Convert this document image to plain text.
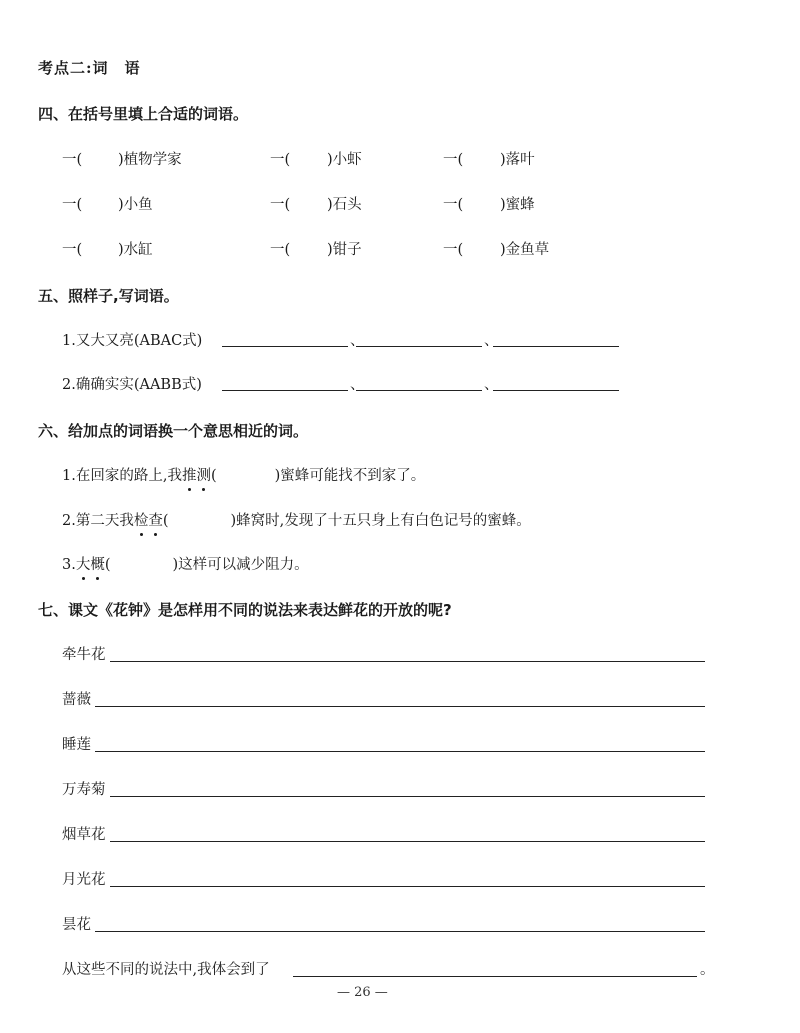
考点二:词　语
四、在括号里填上合适的词语。
一( )植物学家	一(	)小虾	一(	)落叶
一( )小鱼	一(	)石头	一(	)蜜蜂
一( )水缸	一(	)钳子	一(	)金鱼草
五、照样子,写词语。
1.又大又亮(ABAC式)	、	、
2.确确实实(AABB式)	、	、
六、给加点的词语换一个意思相近的词。
1.在回家的路上,我推测(	)蜜蜂可能找不到家了。
2.第二天我检查(	)蜂窝时,发现了十五只身上有白色记号的蜜蜂。
3.大概(	)这样可以减少阻力。
七、课文《花钟》是怎样用不同的说法来表达鲜花的开放的呢?
牵牛花
蔷薇
睡莲
万寿菊
烟草花
月光花
昙花
从这些不同的说法中,我体会到了	。
— 26 —
